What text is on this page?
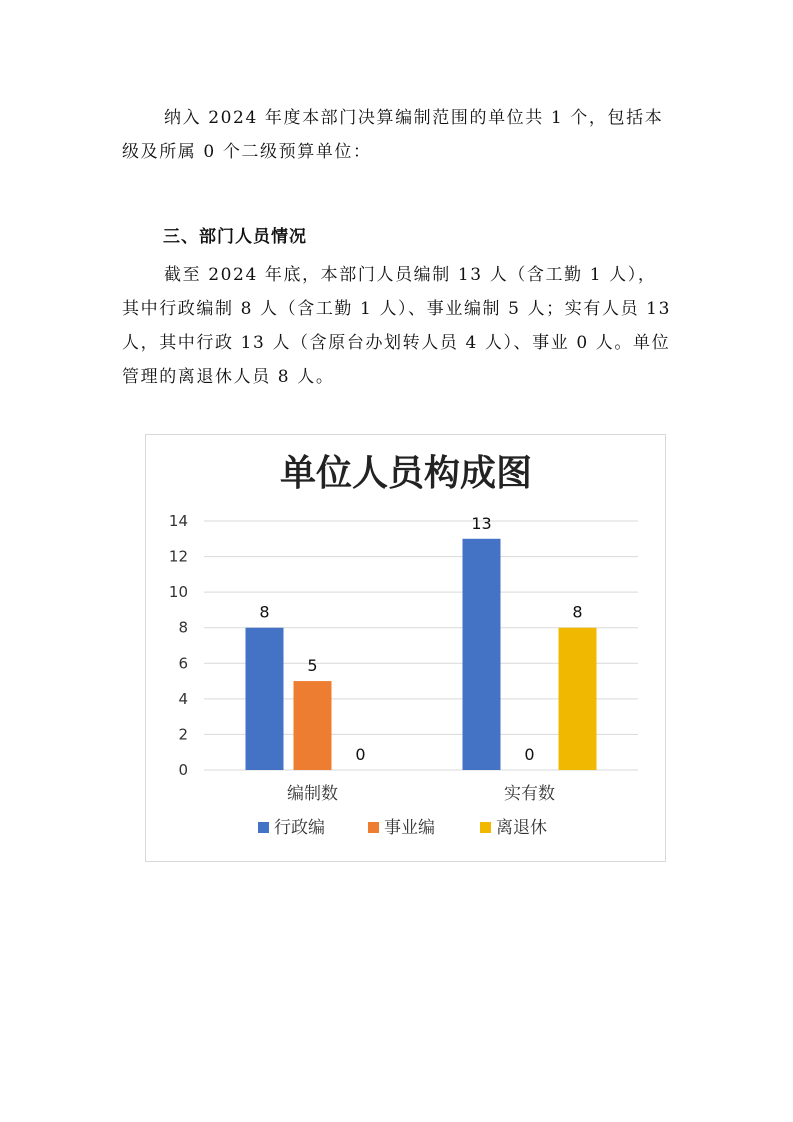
纳入 2024 年度本部门决算编制范围的单位共 1 个，包括本级及所属 0 个二级预算单位：

三、部门人员情况

截至 2024 年底，本部门人员编制 13 人（含工勤 1 人），其中行政编制 8 人（含工勤 1 人）、事业编制 5 人；实有人员 13 人，其中行政 13 人（含原台办划转人员 4 人）、事业 0 人。单位管理的离退休人员 8 人。

单位人员构成图
0
2
4
6
8
10
12
14
8
5
0
13
0
8
编制数	实有数
行政编	事业编	离退休
